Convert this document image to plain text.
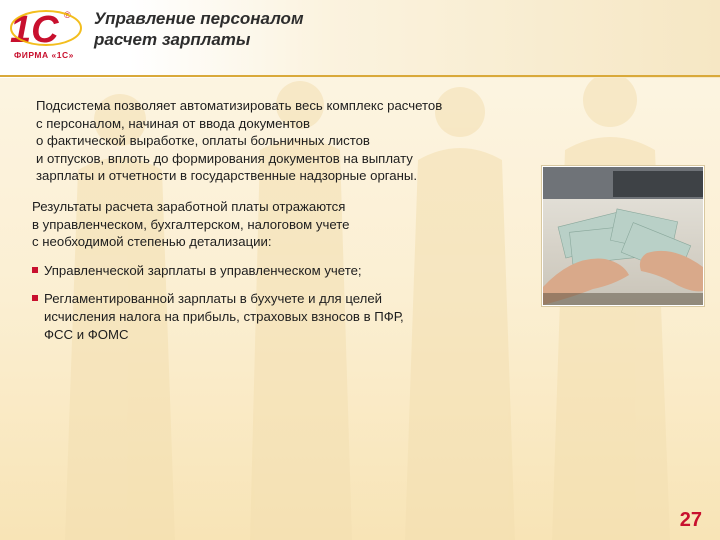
1С ®
ФИРМА «1С»
Управление персоналом
расчет зарплаты

Подсистема позволяет автоматизировать весь комплекс расчетов
с персоналом, начиная от ввода документов
о фактической выработке, оплаты больничных листов
и отпусков, вплоть до формирования документов на выплату
зарплаты и отчетности в государственные надзорные органы.

Результаты расчета заработной платы отражаются
в управленческом, бухгалтерском, налоговом учете
с необходимой степенью детализации:

Управленческой зарплаты в управленческом учете;

Регламентированной зарплаты в бухучете и для целей
исчисления налога на прибыль, страховых взносов в ПФР,
ФСС и ФОМС

27
